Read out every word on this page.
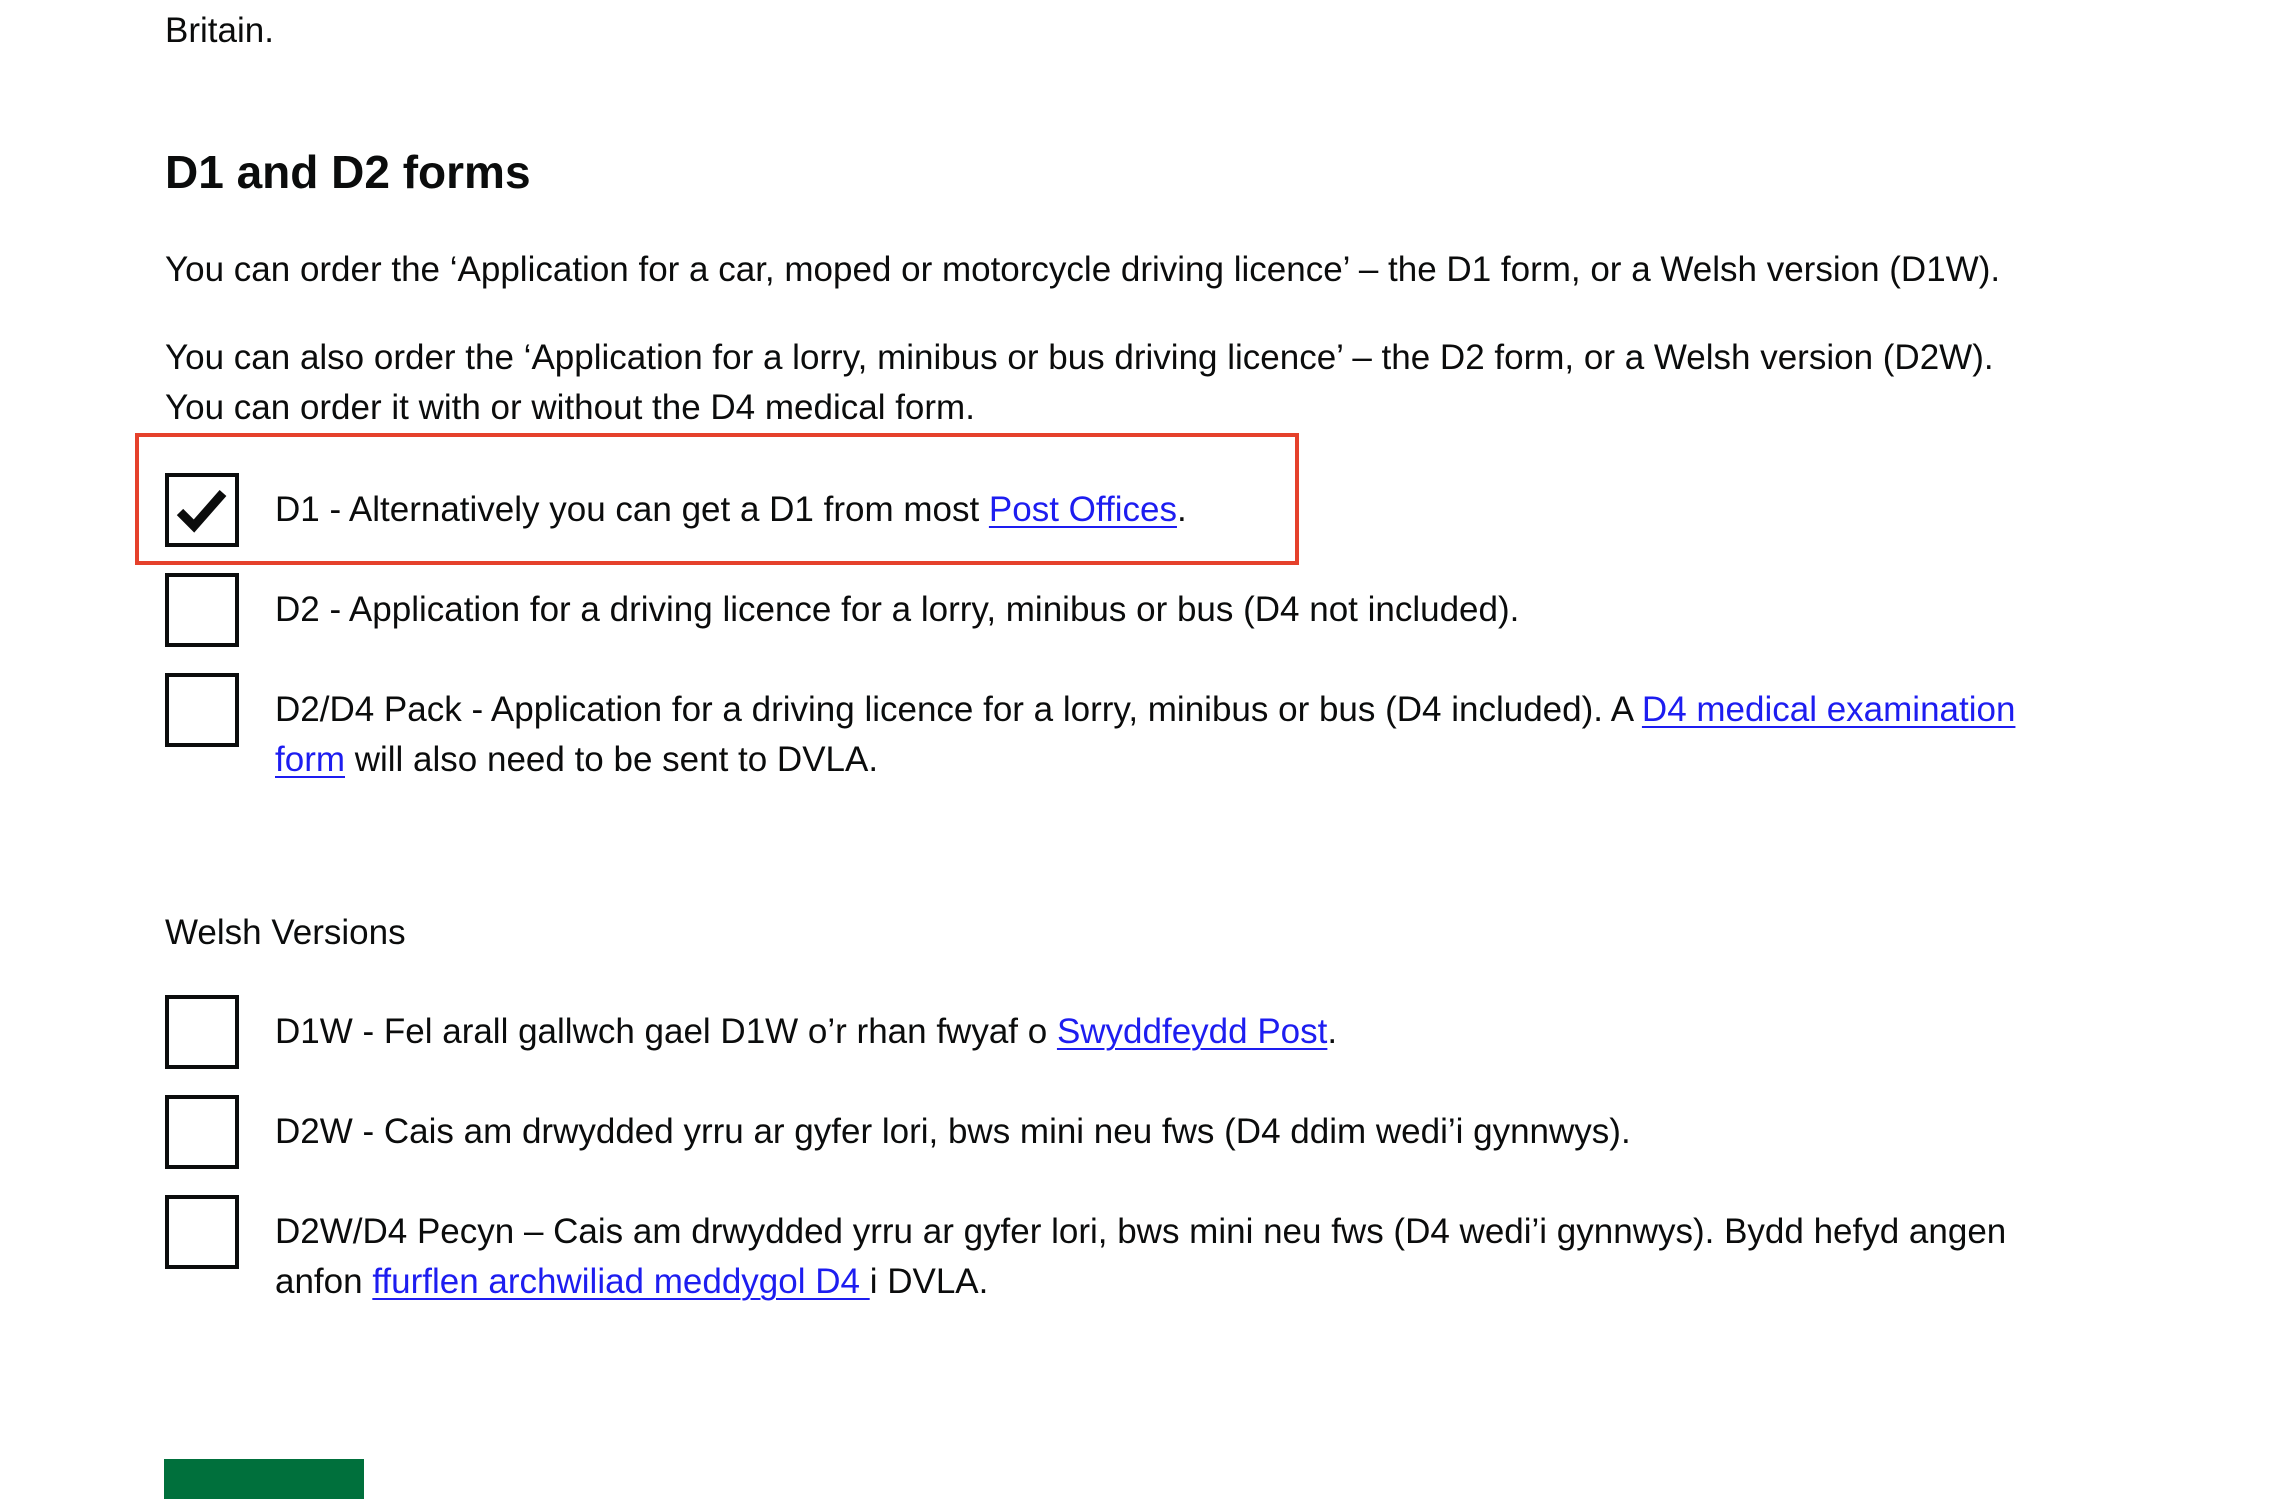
Britain.

D1 and D2 forms

You can order the ‘Application for a car, moped or motorcycle driving licence’ – the D1 form, or a Welsh version (D1W).

You can also order the ‘Application for a lorry, minibus or bus driving licence’ – the D2 form, or a Welsh version (D2W).
You can order it with or without the D4 medical form.

D1 - Alternatively you can get a D1 from most Post Offices.
D2 - Application for a driving licence for a lorry, minibus or bus (D4 not included).
D2/D4 Pack - Application for a driving licence for a lorry, minibus or bus (D4 included). A D4 medical examination form will also need to be sent to DVLA.

Welsh Versions

D1W - Fel arall gallwch gael D1W o’r rhan fwyaf o Swyddfeydd Post.
D2W - Cais am drwydded yrru ar gyfer lori, bws mini neu fws (D4 ddim wedi’i gynnwys).
D2W/D4 Pecyn – Cais am drwydded yrru ar gyfer lori, bws mini neu fws (D4 wedi’i gynnwys). Bydd hefyd angen anfon ffurflen archwiliad meddygol D4 i DVLA.
